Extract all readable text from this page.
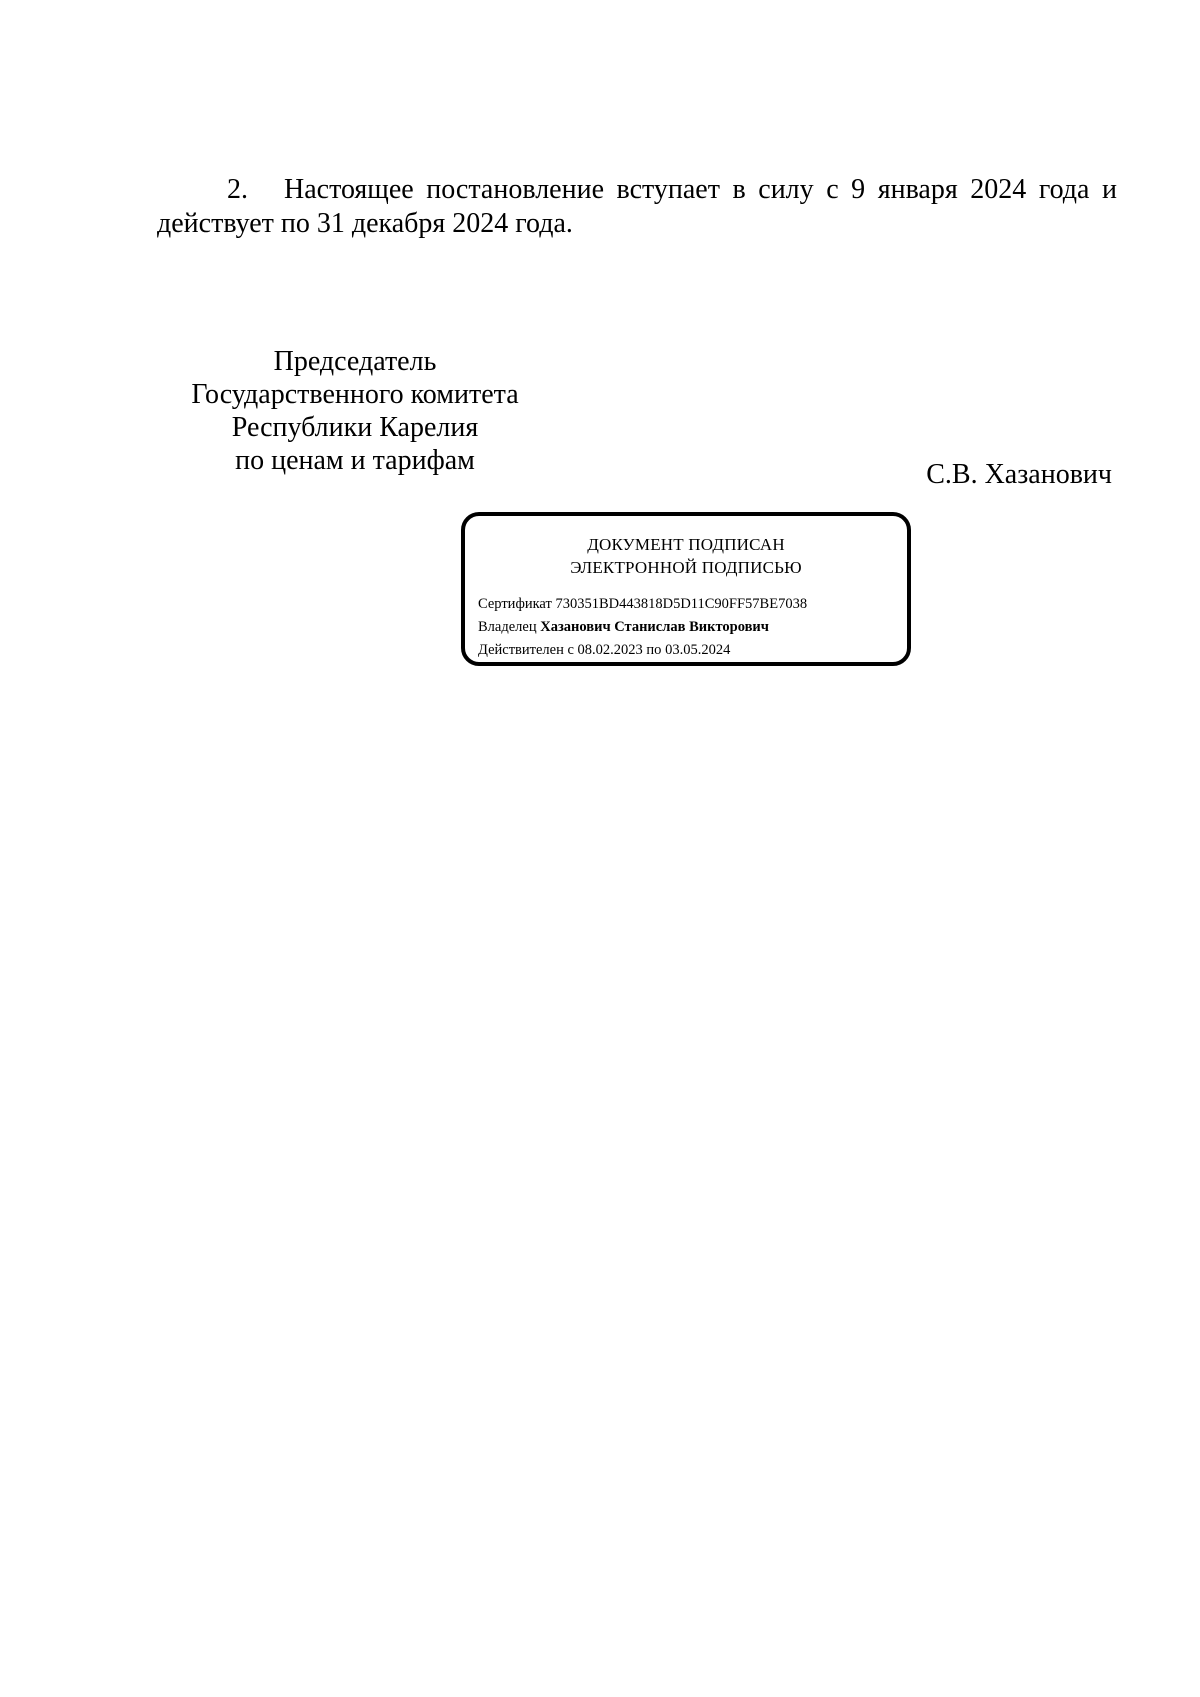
2. Настоящее постановление вступает в силу с 9 января 2024 года и действует по 31 декабря 2024 года.

Председатель
Государственного комитета
Республики Карелия
по ценам и тарифам	С.В. Хазанович
ДОКУМЕНТ ПОДПИСАН
ЭЛЕКТРОННОЙ ПОДПИСЬЮ
Сертификат 730351BD443818D5D11C90FF57BE7038
Владелец Хазанович Станислав Викторович
Действителен с 08.02.2023 по 03.05.2024
